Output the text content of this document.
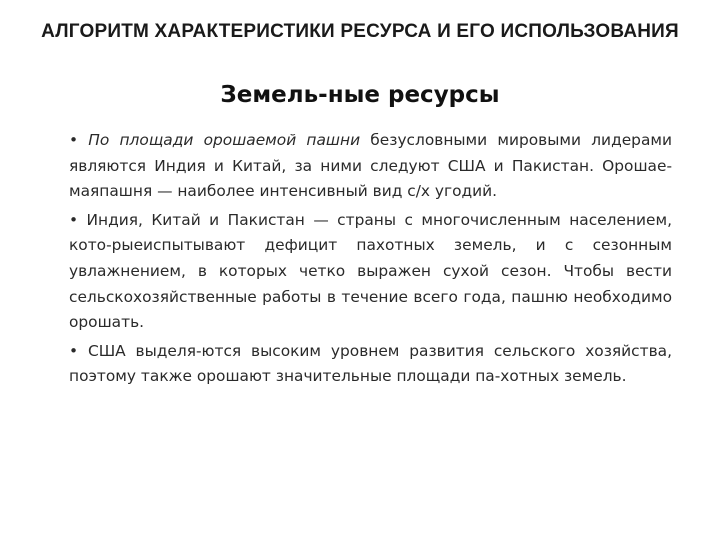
АЛГОРИТМ ХАРАКТЕРИСТИКИ РЕСУРСА И ЕГО ИСПОЛЬЗОВАНИЯ
Земель-ные ресурсы

• По площади орошаемой пашни безусловными мировыми лидерами являются Индия и Китай, за ними следуют США и Пакистан. Орошае-маяпашня — наиболее интенсивный вид с/х угодий.

• Индия, Китай и Пакистан — страны с многочисленным населением, кото-рыеиспытывают дефицит пахотных земель, и с сезонным увлажнением, в которых четко выражен сухой сезон. Чтобы вести сельскохозяйственные работы в течение всего года, пашню необходимо орошать.

• США выделя-ются высоким уровнем развития сельского хозяйства, поэтому также орошают значительные площади па-хотных земель.
